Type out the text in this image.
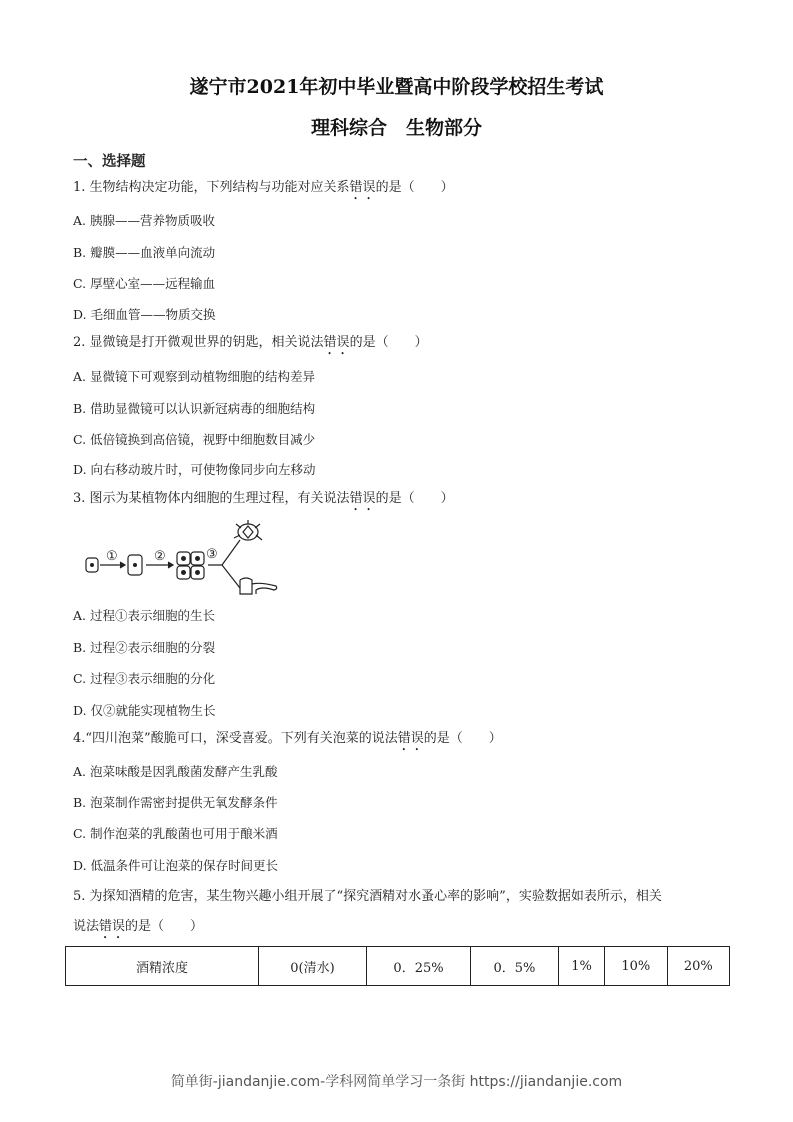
遂宁市2021年初中毕业暨高中阶段学校招生考试
理科综合　生物部分
一、选择题
1. 生物结构决定功能，下列结构与功能对应关系错误的是（　　）
A. 胰腺——营养物质吸收
B. 瓣膜——血液单向流动
C. 厚壁心室——远程输血
D. 毛细血管——物质交换
2. 显微镜是打开微观世界的钥匙，相关说法错误的是（　　）
A. 显微镜下可观察到动植物细胞的结构差异
B. 借助显微镜可以认识新冠病毒的细胞结构
C. 低倍镜换到高倍镜，视野中细胞数目减少
D. 向右移动玻片时，可使物像同步向左移动
3. 图示为某植物体内细胞的生理过程，有关说法错误的是（　　）
①	②	③
A. 过程①表示细胞的生长
B. 过程②表示细胞的分裂
C. 过程③表示细胞的分化
D. 仅②就能实现植物生长
4.“四川泡菜”酸脆可口，深受喜爱。下列有关泡菜的说法错误的是（　　）
A. 泡菜味酸是因乳酸菌发酵产生乳酸
B. 泡菜制作需密封提供无氧发酵条件
C. 制作泡菜的乳酸菌也可用于酿米酒
D. 低温条件可让泡菜的保存时间更长
5. 为探知酒精的危害，某生物兴趣小组开展了“探究酒精对水蚤心率的影响”，实验数据如表所示，相关
说法错误的是（　　）
酒精浓度	0(清水)	0．25%	0．5%	1%	10%	20%
简单街-jiandanjie.com-学科网简单学习一条街 https://jiandanjie.com
